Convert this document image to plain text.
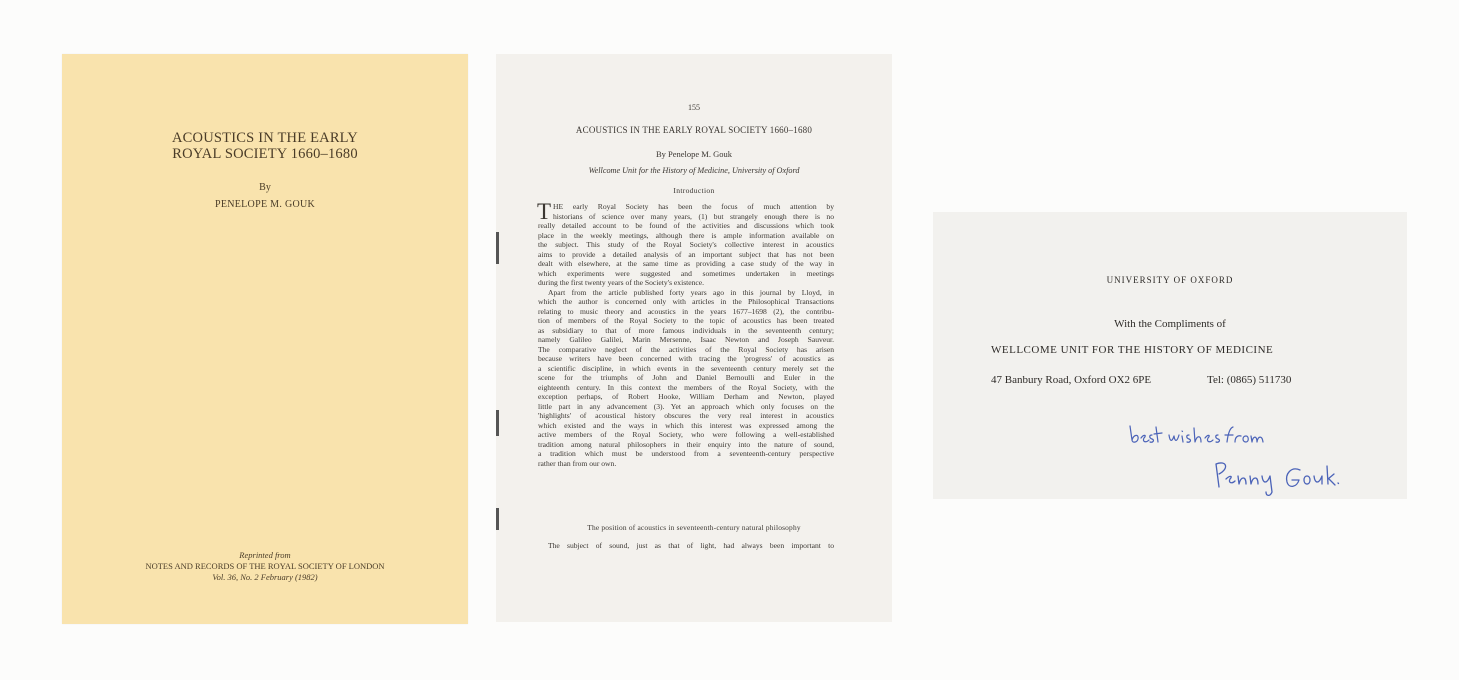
ACOUSTICS IN THE EARLY
ROYAL SOCIETY 1660–1680
By
PENELOPE M. GOUK
Reprinted from
NOTES AND RECORDS OF THE ROYAL SOCIETY OF LONDON
Vol. 36, No. 2 February (1982)
155
ACOUSTICS IN THE EARLY ROYAL SOCIETY 1660–1680
By Penelope M. Gouk
Wellcome Unit for the History of Medicine, University of Oxford
Introduction
T HE early Royal Society has been the focus of much attention by
historians of science over many years, (1) but strangely enough there is no
really detailed account to be found of the activities and discussions which took
place in the weekly meetings, although there is ample information available on
the subject. This study of the Royal Society's collective interest in acoustics
aims to provide a detailed analysis of an important subject that has not been
dealt with elsewhere, at the same time as providing a case study of the way in
which experiments were suggested and sometimes undertaken in meetings
during the first twenty years of the Society's existence.
Apart from the article published forty years ago in this journal by Lloyd, in
which the author is concerned only with articles in the Philosophical Transactions
relating to music theory and acoustics in the years 1677–1698 (2), the contribu-
tion of members of the Royal Society to the topic of acoustics has been treated
as subsidiary to that of more famous individuals in the seventeenth century;
namely Galileo Galilei, Marin Mersenne, Isaac Newton and Joseph Sauveur.
The comparative neglect of the activities of the Royal Society has arisen
because writers have been concerned with tracing the 'progress' of acoustics as
a scientific discipline, in which events in the seventeenth century merely set the
scene for the triumphs of John and Daniel Bernoulli and Euler in the
eighteenth century. In this context the members of the Royal Society, with the
exception perhaps, of Robert Hooke, William Derham and Newton, played
little part in any advancement (3). Yet an approach which only focuses on the
'highlights' of acoustical history obscures the very real interest in acoustics
which existed and the ways in which this interest was expressed among the
active members of the Royal Society, who were following a well-established
tradition among natural philosophers in their enquiry into the nature of sound,
a tradition which must be understood from a seventeenth-century perspective
rather than from our own.
The position of acoustics in seventeenth-century natural philosophy
The subject of sound, just as that of light, had always been important to
UNIVERSITY OF OXFORD
With the Compliments of
WELLCOME UNIT FOR THE HISTORY OF MEDICINE
47 Banbury Road, Oxford OX2 6PE	Tel: (0865) 511730
